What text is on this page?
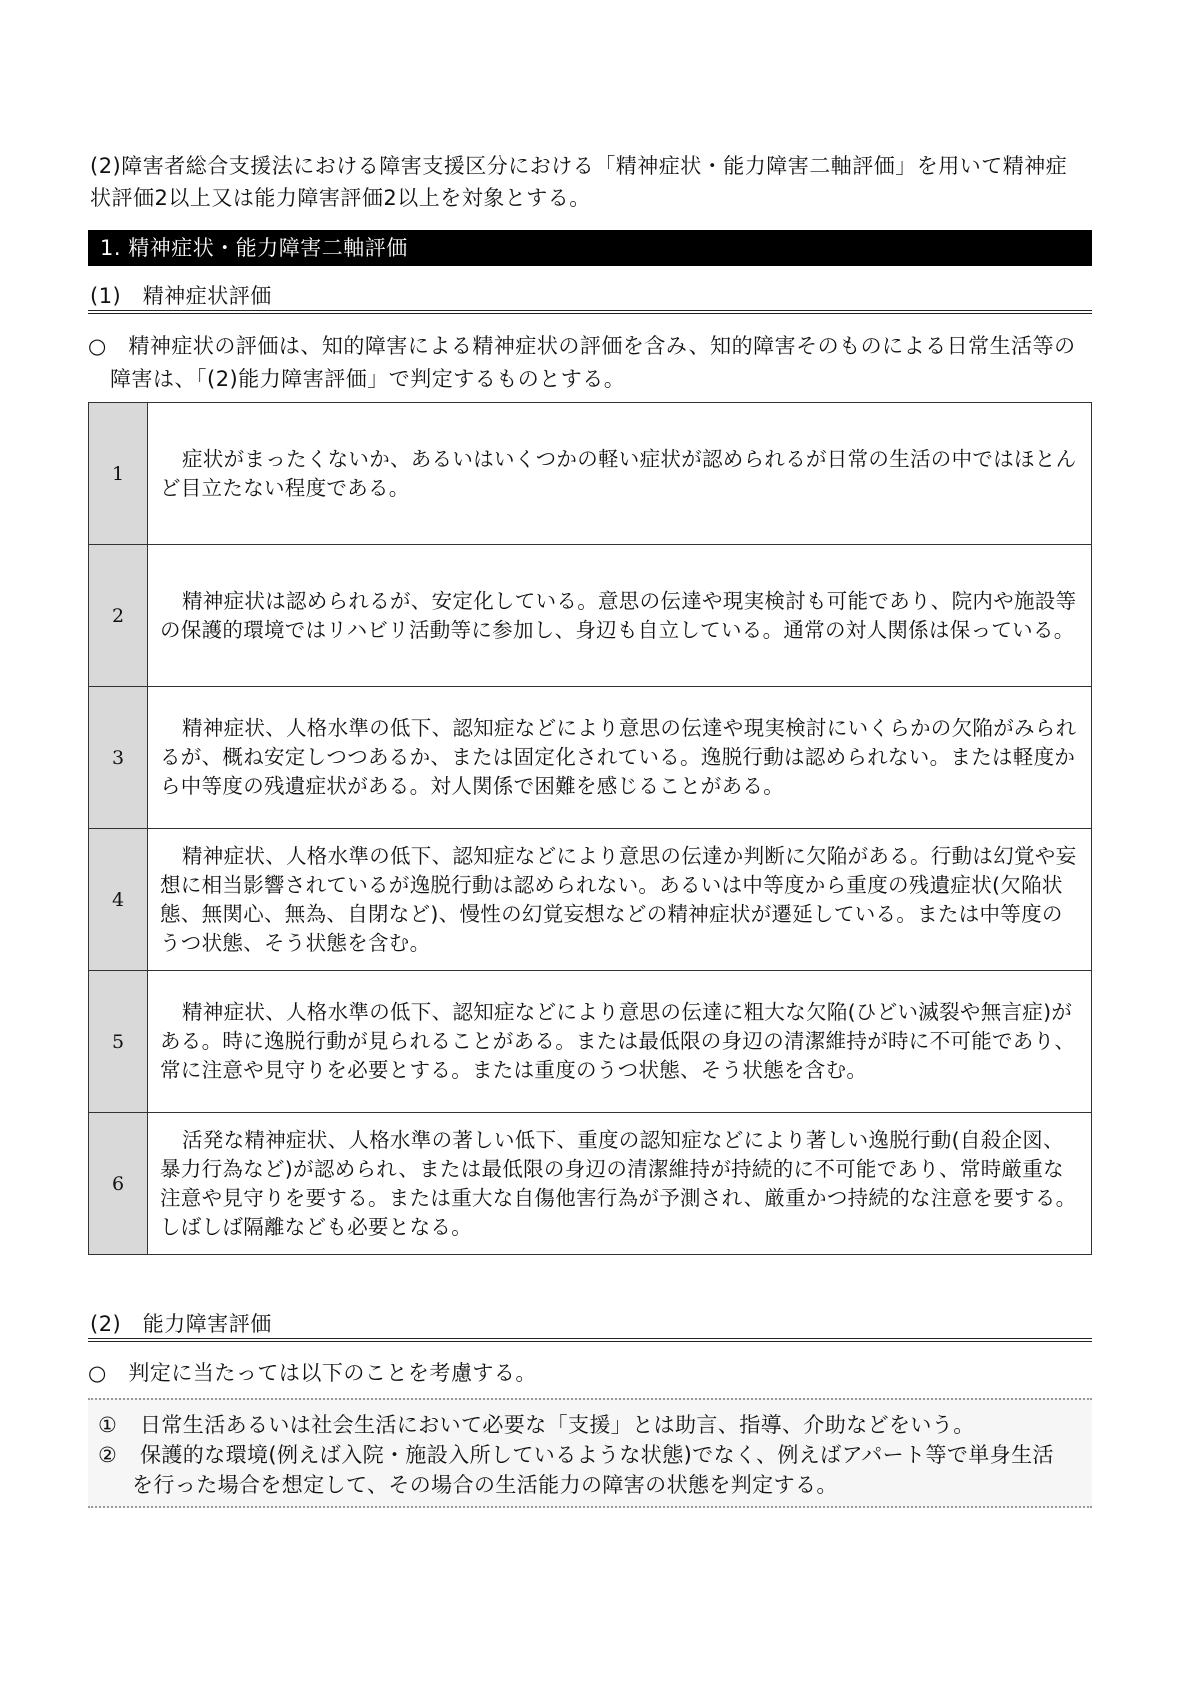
(2)障害者総合支援法における障害支援区分における「精神症状・能力障害二軸評価」を用いて精神症
状評価2以上又は能力障害評価2以上を対象とする。
1. 精神症状・能力障害二軸評価
(1)　精神症状評価
○　精神症状の評価は、知的障害による精神症状の評価を含み、知的障害そのものによる日常生活等の
障害は、「(2)能力障害評価」で判定するものとする。
1	症状がまったくないか、あるいはいくつかの軽い症状が認められるが日常の生活の中ではほとんど目立たない程度である。
2	精神症状は認められるが、安定化している。意思の伝達や現実検討も可能であり、院内や施設等の保護的環境ではリハビリ活動等に参加し、身辺も自立している。通常の対人関係は保っている。
3	精神症状、人格水準の低下、認知症などにより意思の伝達や現実検討にいくらかの欠陥がみられるが、概ね安定しつつあるか、または固定化されている。逸脱行動は認められない。または軽度から中等度の残遺症状がある。対人関係で困難を感じることがある。
4	精神症状、人格水準の低下、認知症などにより意思の伝達か判断に欠陥がある。行動は幻覚や妄想に相当影響されているが逸脱行動は認められない。あるいは中等度から重度の残遺症状(欠陥状態、無関心、無為、自閉など)、慢性の幻覚妄想などの精神症状が遷延している。または中等度のうつ状態、そう状態を含む。
5	精神症状、人格水準の低下、認知症などにより意思の伝達に粗大な欠陥(ひどい滅裂や無言症)がある。時に逸脱行動が見られることがある。または最低限の身辺の清潔維持が時に不可能であり、常に注意や見守りを必要とする。または重度のうつ状態、そう状態を含む。
6	活発な精神症状、人格水準の著しい低下、重度の認知症などにより著しい逸脱行動(自殺企図、暴力行為など)が認められ、または最低限の身辺の清潔維持が持続的に不可能であり、常時厳重な注意や見守りを要する。または重大な自傷他害行為が予測され、厳重かつ持続的な注意を要する。しばしば隔離なども必要となる。
(2)　能力障害評価
○　判定に当たっては以下のことを考慮する。
① 日常生活あるいは社会生活において必要な「支援」とは助言、指導、介助などをいう。
② 保護的な環境(例えば入院・施設入所しているような状態)でなく、例えばアパート等で単身生活
を行った場合を想定して、その場合の生活能力の障害の状態を判定する。
